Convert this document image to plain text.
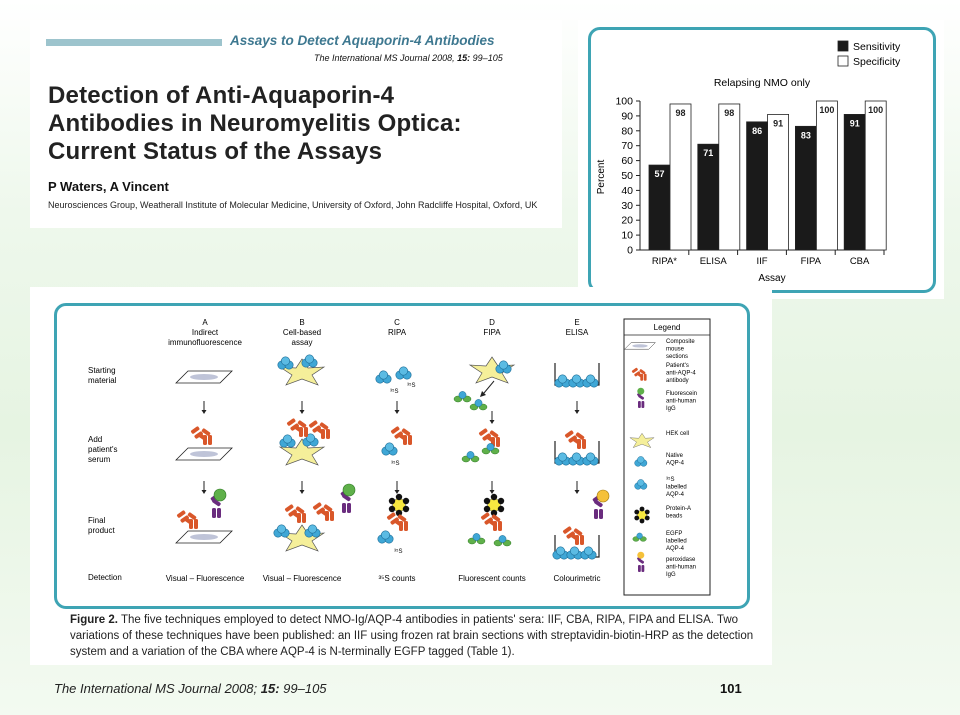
Assays to Detect Aquaporin-4 Antibodies
The International MS Journal 2008, 15: 99–105
Detection of Anti-Aquaporin-4
Antibodies in Neuromyelitis Optica:
Current Status of the Assays
P Waters, A Vincent
Neurosciences Group, Weatherall Institute of Molecular Medicine, University of Oxford, John Radcliffe Hospital, Oxford, UK
Sensitivity
Specificity
Relapsing NMO only
0
10
20
30
40
50
60
70
80
90
100
RIPA* ELISA	IIF	FIPA	CBA
57
98
71
98
86
91
83
100
91
100
Percent
Assay
A
Indirect
immunofluorescence
B
Cell-based
assay
C
RIPA
D
FIPA
E
ELISA
Starting
material
Add
patient's
serum
Final
product
Detection	Visual – Fluorescence Visual – Fluorescence	³⁵S counts	Fluorescent counts	Colourimetric
³⁵S
³⁵S
³⁵S
³⁵S
Legend
Composite
mouse
sections
Patient's
anti-AQP-4
antibody
Fluorescein
anti-human
IgG
HEK cell
Native
AQP-4
³⁵S
labelled
AQP-4
Protein-A
beads
EGFP
labelled
AQP-4
peroxidase
anti-human
IgG
Figure 2. The five techniques employed to detect NMO-Ig/AQP-4 antibodies in patients' sera: IIF, CBA, RIPA, FIPA and ELISA. Two variations of these techniques have been published: an IIF using frozen rat brain sections with streptavidin-biotin-HRP as the detection system and a variation of the CBA where AQP-4 is N-terminally EGFP tagged (Table 1).
The International MS Journal 2008; 15: 99–105	101
